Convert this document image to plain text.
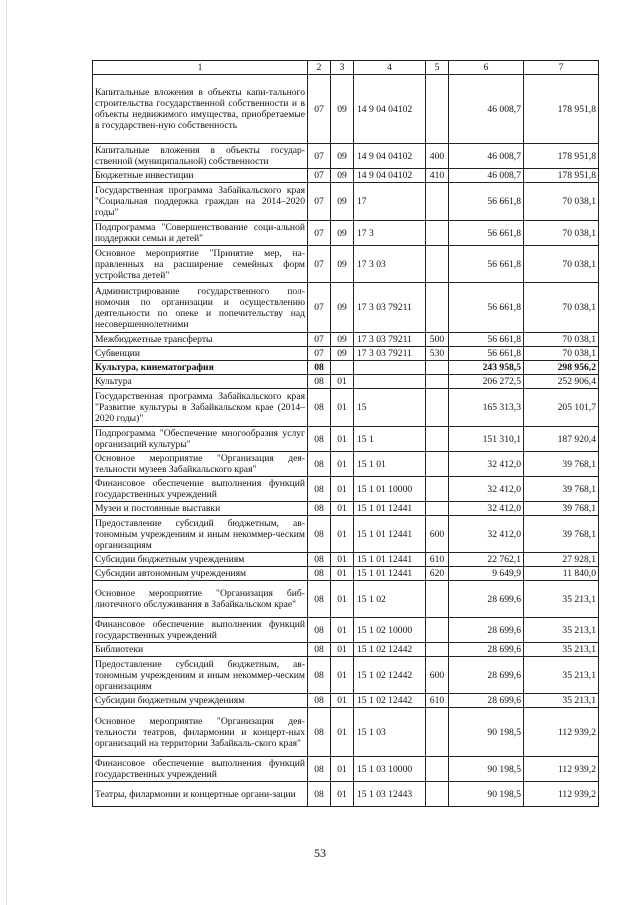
1	2	3	4	5	6	7
Капитальные вложения в объекты капи-тального строительства государственной собственности и в объекты недвижимого имущества, приобретаемые в государствен-ную собственность	07	09	14 9 04 04102		46 008,7	178 951,8
Капитальные вложения в объекты государ-ственной (муниципальной) собственности	07	09	14 9 04 04102	400	46 008,7	178 951,8
Бюджетные инвестиции	07	09	14 9 04 04102	410	46 008,7	178 951,8
Государственная программа Забайкальского края "Социальная поддержка граждан на 2014–2020 годы"	07	09	17		56 661,8	70 038,1
Подпрограмма "Совершенствование соци-альной поддержки семьи и детей"	07	09	17 3		56 661,8	70 038,1
Основное мероприятие "Принятие мер, на-правленных на расширение семейных форм устройства детей"	07	09	17 3 03		56 661,8	70 038,1
Администрирование государственного пол-номочия по организации и осуществлению деятельности по опеке и попечительству над несовершеннолетними	07	09	17 3 03 79211		56 661,8	70 038,1
Межбюджетные трансферты	07	09	17 3 03 79211	500	56 661,8	70 038,1
Субвенции	07	09	17 3 03 79211	530	56 661,8	70 038,1
Культура, кинематография	08				243 958,5	298 956,2
Культура	08	01			206 272,5	252 906,4
Государственная программа Забайкальского края "Развитие культуры в Забайкальском крае (2014–2020 годы)"	08	01	15		165 313,3	205 101,7
Подпрограмма "Обеспечение многообразия услуг организаций культуры"	08	01	15 1		151 310,1	187 920,4
Основное мероприятие "Организация дея-тельности музеев Забайкальского края"	08	01	15 1 01		32 412,0	39 768,1
Финансовое обеспечение выполнения функций государственных учреждений	08	01	15 1 01 10000		32 412,0	39 768,1
Музеи и постоянные выставки	08	01	15 1 01 12441		32 412,0	39 768,1
Предоставление субсидий бюджетным, ав-тономным учреждениям и иным некоммер-ческим организациям	08	01	15 1 01 12441	600	32 412,0	39 768,1
Субсидии бюджетным учреждениям	08	01	15 1 01 12441	610	22 762,1	27 928,1
Субсидии автономным учреждениям	08	01	15 1 01 12441	620	9 649,9	11 840,0
Основное мероприятие "Организация биб-лиотечного обслуживания в Забайкальском крае"	08	01	15 1 02		28 699,6	35 213,1
Финансовое обеспечение выполнения функций государственных учреждений	08	01	15 1 02 10000		28 699,6	35 213,1
Библиотеки	08	01	15 1 02 12442		28 699,6	35 213,1
Предоставление субсидий бюджетным, ав-тономным учреждениям и иным некоммер-ческим организациям	08	01	15 1 02 12442	600	28 699,6	35 213,1
Субсидии бюджетным учреждениям	08	01	15 1 02 12442	610	28 699,6	35 213,1
Основное мероприятие "Организация дея-тельности театров, филармонии и концерт-ных организаций на территории Забайкаль-ского края"	08	01	15 1 03		90 198,5	112 939,2
Финансовое обеспечение выполнения функций государственных учреждений	08	01	15 1 03 10000		90 198,5	112 939,2
Театры, филармонии и концертные органи-зации	08	01	15 1 03 12443		90 198,5	112 939,2
53
